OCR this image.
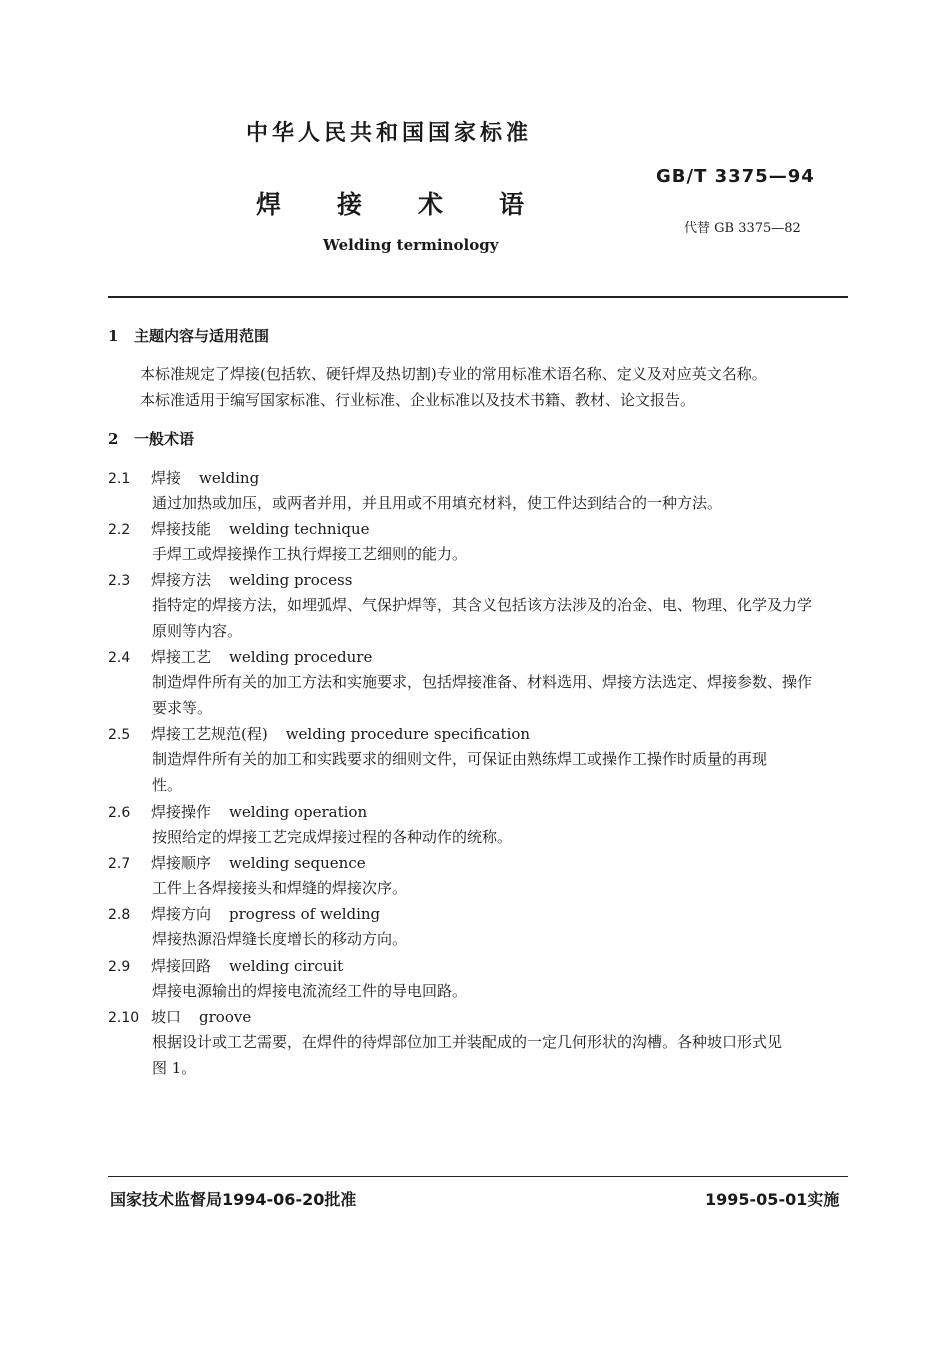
中华人民共和国国家标准
GB/T 3375—94
焊接术语
代替 GB 3375—82
Welding terminology
1 主题内容与适用范围
本标准规定了焊接(包括软、硬钎焊及热切割)专业的常用标准术语名称、定义及对应英文名称。
本标准适用于编写国家标准、行业标准、企业标准以及技术书籍、教材、论文报告。
2 一般术语
2.1 焊接 welding
通过加热或加压，或两者并用，并且用或不用填充材料，使工件达到结合的一种方法。
2.2 焊接技能 welding technique
手焊工或焊接操作工执行焊接工艺细则的能力。
2.3 焊接方法 welding process
指特定的焊接方法，如埋弧焊、气保护焊等，其含义包括该方法涉及的冶金、电、物理、化学及力学
原则等内容。
2.4 焊接工艺 welding procedure
制造焊件所有关的加工方法和实施要求，包括焊接准备、材料选用、焊接方法选定、焊接参数、操作
要求等。
2.5 焊接工艺规范(程) welding procedure specification
制造焊件所有关的加工和实践要求的细则文件，可保证由熟练焊工或操作工操作时质量的再现
性。
2.6 焊接操作 welding operation
按照给定的焊接工艺完成焊接过程的各种动作的统称。
2.7 焊接顺序 welding sequence
工件上各焊接接头和焊缝的焊接次序。
2.8 焊接方向 progress of welding
焊接热源沿焊缝长度增长的移动方向。
2.9 焊接回路 welding circuit
焊接电源输出的焊接电流流经工件的导电回路。
2.10 坡口 groove
根据设计或工艺需要，在焊件的待焊部位加工并装配成的一定几何形状的沟槽。各种坡口形式见
图 1。
国家技术监督局1994-06-20批准	1995-05-01实施
